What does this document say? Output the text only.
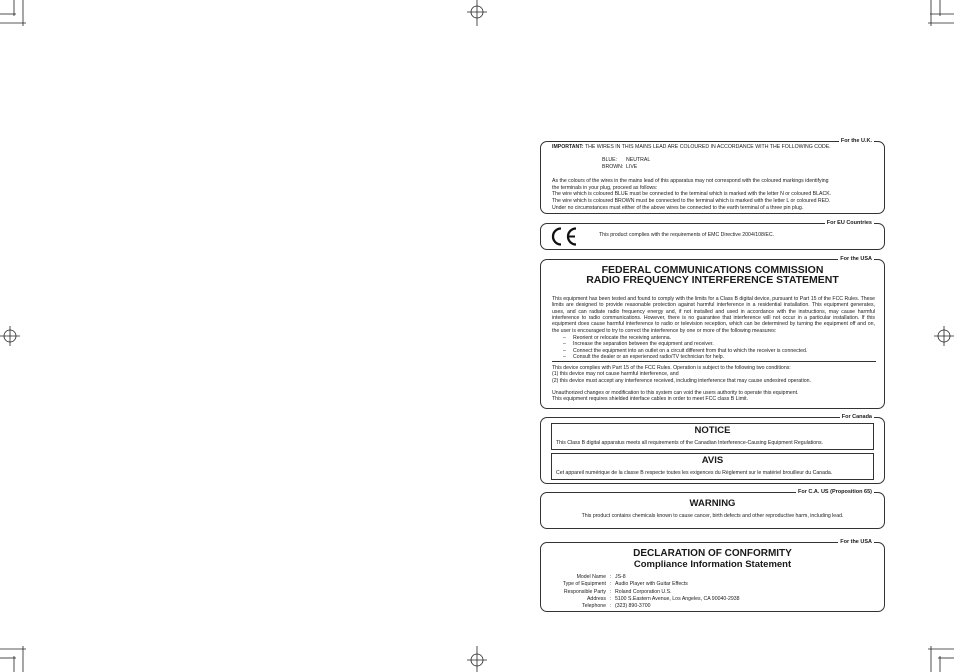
For the U.K.
IMPORTANT: THE WIRES IN THIS MAINS LEAD ARE COLOURED IN ACCORDANCE WITH THE FOLLOWING CODE.
BLUE:	NEUTRAL
BROWN: LIVE
As the colours of the wires in the mains lead of this apparatus may not correspond with the coloured markings identifying
the terminals in your plug, proceed as follows:
The wire which is coloured BLUE must be connected to the terminal which is marked with the letter N or coloured BLACK.
The wire which is coloured BROWN must be connected to the terminal which is marked with the letter L or coloured RED.
Under no circumstances must either of the above wires be connected to the earth terminal of a three pin plug.
For EU Countries
This product complies with the requirements of EMC Directive 2004/108/EC.
For the USA
FEDERAL COMMUNICATIONS COMMISSION
RADIO FREQUENCY INTERFERENCE STATEMENT
This equipment has been tested and found to comply with the limits for a Class B digital device, pursuant to Part 15 of the FCC Rules. These limits are designed to provide reasonable protection against harmful interference in a residential installation. This equipment generates, uses, and can radiate radio frequency energy and, if not installed and used in accordance with the instructions, may cause harmful interference to radio communications. However, there is no guarantee that interference will not occur in a particular installation. If this equipment does cause harmful interference to radio or television reception, which can be determined by turning the equipment off and on, the user is encouraged to try to correct the interference by one or more of the following measures:
–	Reorient or relocate the receiving antenna.
–	Increase the separation between the equipment and receiver.
–	Connect the equipment into an outlet on a circuit different from that to which the receiver is connected.
–	Consult the dealer or an experienced radio/TV technician for help.
This device complies with Part 15 of the FCC Rules. Operation is subject to the following two conditions:
(1) this device may not cause harmful interference, and
(2) this device must accept any interference received, including interference that may cause undesired operation.
Unauthorized changes or modification to this system can void the users authority to operate this equipment.
This equipment requires shielded interface cables in order to meet FCC class B Limit.
For Canada
NOTICE
This Class B digital apparatus meets all requirements of the Canadian Interference-Causing Equipment Regulations.
AVIS
Cet appareil numérique de la classe B respecte toutes les exigences du Règlement sur le matériel brouilleur du Canada.
For C.A. US (Proposition 65)
WARNING
This product contains chemicals known to cause cancer, birth defects and other reproductive harm, including lead.
For the USA
DECLARATION OF CONFORMITY
Compliance Information Statement
Model Name : JS-8
Type of Equipment : Audio Player with Guitar Effects
Responsible Party : Roland Corporation U.S.
Address : 5100 S.Eastern Avenue, Los Angeles, CA 90040-2938
Telephone : (323) 890-3700
